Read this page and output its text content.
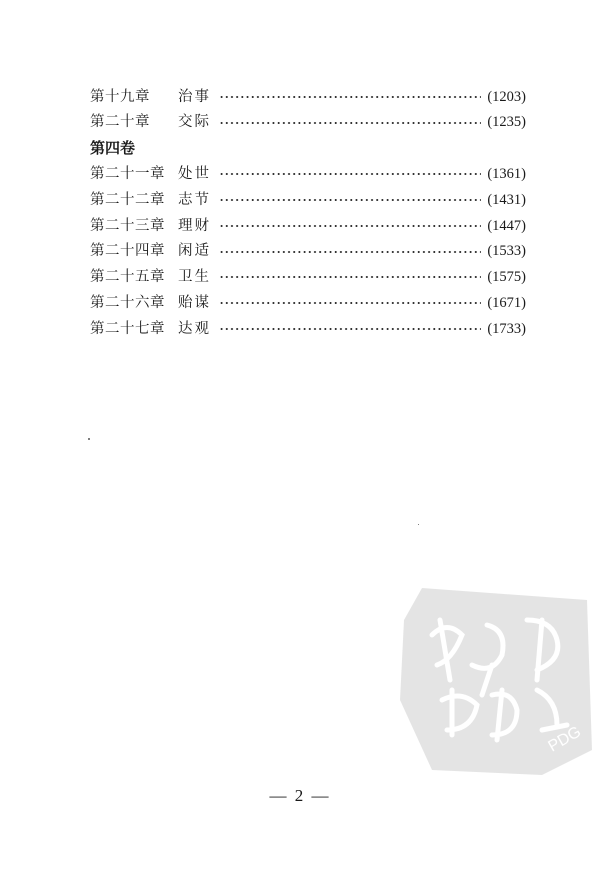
第十九章	治事	(1203)
第二十章	交际	(1235)
第四卷
第二十一章 处世	(1361)
第二十二章 志节	(1431)
第二十三章 理财	(1447)
第二十四章 闲适	(1533)
第二十五章 卫生	(1575)
第二十六章 贻谋	(1671)
第二十七章 达观	(1733)
PDG
— 2 —
